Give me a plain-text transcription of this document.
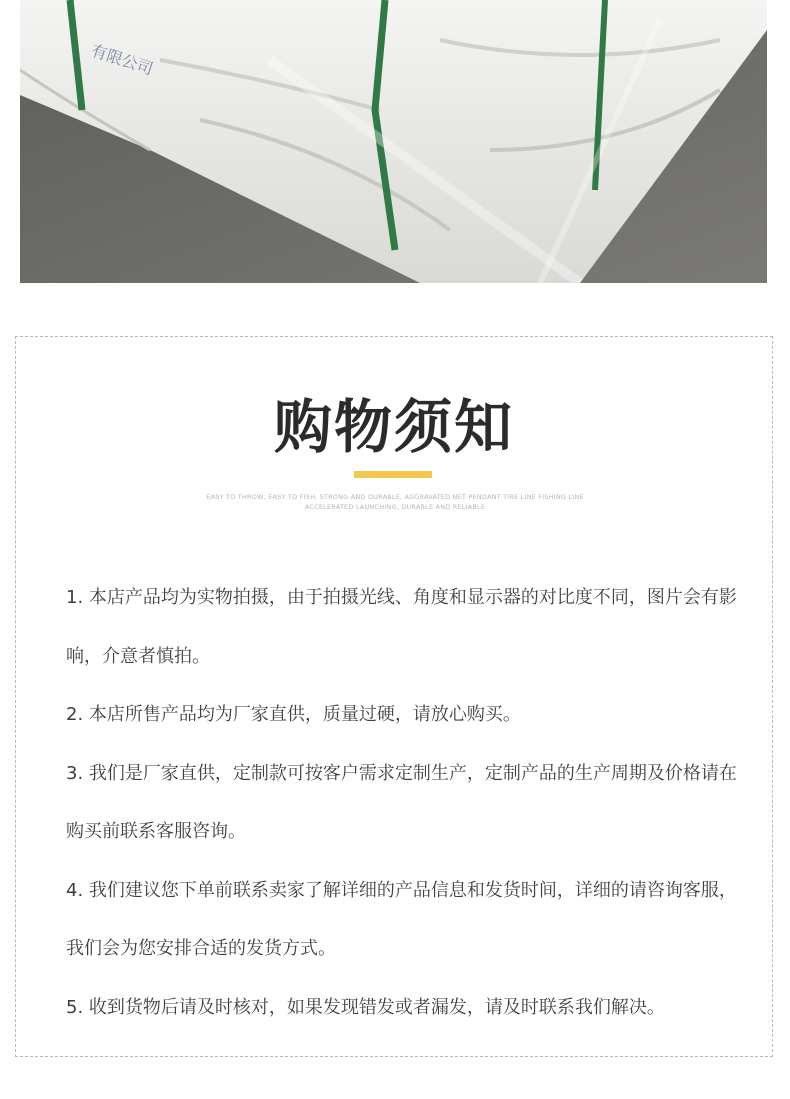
有限公司
购物须知
EASY TO THROW, EASY TO FISH, STRONG AND DURABLE, AGGRAVATED NET PENDANT TIRE LINE FISHING LINE
ACCELERATED LAUNCHING, DURABLE AND RELIABLE

1. 本店产品均为实物拍摄，由于拍摄光线、角度和显示器的对比度不同，图片会有影响，介意者慎拍。

2. 本店所售产品均为厂家直供，质量过硬，请放心购买。

3. 我们是厂家直供，定制款可按客户需求定制生产，定制产品的生产周期及价格请在购买前联系客服咨询。

4. 我们建议您下单前联系卖家了解详细的产品信息和发货时间，详细的请咨询客服，我们会为您安排合适的发货方式。

5. 收到货物后请及时核对，如果发现错发或者漏发，请及时联系我们解决。
